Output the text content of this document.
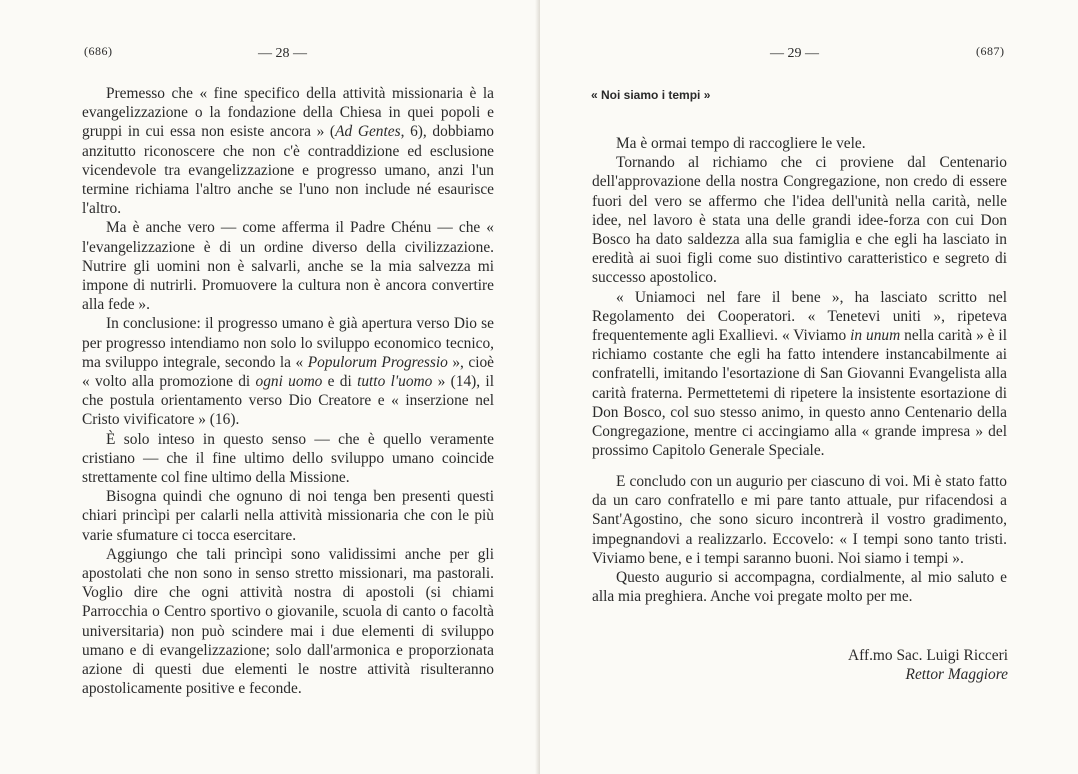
(686)	— 28 —

Premesso che « fine specifico della attività missionaria è la evangelizzazione o la fondazione della Chiesa in quei popoli e gruppi in cui essa non esiste ancora » (Ad Gentes, 6), dobbiamo anzitutto riconoscere che non c'è contraddizione ed esclusione vicendevole tra evangelizzazione e progresso umano, anzi l'un termine richiama l'altro anche se l'uno non include né esaurisce l'altro.

Ma è anche vero — come afferma il Padre Chénu — che « l'evangelizzazione è di un ordine diverso della civilizzazione. Nutrire gli uomini non è salvarli, anche se la mia salvezza mi impone di nutrirli. Promuovere la cultura non è ancora convertire alla fede ».

In conclusione: il progresso umano è già apertura verso Dio se per progresso intendiamo non solo lo sviluppo economico tecnico, ma sviluppo integrale, secondo la « Populorum Progressio », cioè « volto alla promozione di ogni uomo e di tutto l'uomo » (14), il che postula orientamento verso Dio Creatore e « inserzione nel Cristo vivificatore » (16).

È solo inteso in questo senso — che è quello veramente cristiano — che il fine ultimo dello sviluppo umano coincide strettamente col fine ultimo della Missione.

Bisogna quindi che ognuno di noi tenga ben presenti questi chiari princìpi per calarli nella attività missionaria che con le più varie sfumature ci tocca esercitare.

Aggiungo che tali princìpi sono validissimi anche per gli apostolati che non sono in senso stretto missionari, ma pastorali. Voglio dire che ogni attività nostra di apostoli (si chiami Parrocchia o Centro sportivo o giovanile, scuola di canto o facoltà universitaria) non può scindere mai i due elementi di sviluppo umano e di evangelizzazione; solo dall'armonica e proporzionata azione di questi due elementi le nostre attività risulteranno apostolicamente positive e feconde.

— 29 —	(687)
« Noi siamo i tempi »

Ma è ormai tempo di raccogliere le vele.

Tornando al richiamo che ci proviene dal Centenario dell'approvazione della nostra Congregazione, non credo di essere fuori del vero se affermo che l'idea dell'unità nella carità, nelle idee, nel lavoro è stata una delle grandi idee-forza con cui Don Bosco ha dato saldezza alla sua famiglia e che egli ha lasciato in eredità ai suoi figli come suo distintivo caratteristico e segreto di successo apostolico.

« Uniamoci nel fare il bene », ha lasciato scritto nel Regolamento dei Cooperatori. « Tenetevi uniti », ripeteva frequentemente agli Exallievi. « Viviamo in unum nella carità » è il richiamo costante che egli ha fatto intendere instancabilmente ai confratelli, imitando l'esortazione di San Giovanni Evangelista alla carità fraterna. Permettetemi di ripetere la insistente esortazione di Don Bosco, col suo stesso animo, in questo anno Centenario della Congregazione, mentre ci accingiamo alla « grande impresa » del prossimo Capitolo Generale Speciale.

E concludo con un augurio per ciascuno di voi. Mi è stato fatto da un caro confratello e mi pare tanto attuale, pur rifacendosi a Sant'Agostino, che sono sicuro incontrerà il vostro gradimento, impegnandovi a realizzarlo. Eccovelo: « I tempi sono tanto tristi. Viviamo bene, e i tempi saranno buoni. Noi siamo i tempi ».

Questo augurio si accompagna, cordialmente, al mio saluto e alla mia preghiera. Anche voi pregate molto per me.

Aff.mo Sac. Luigi Ricceri
Rettor Maggiore
